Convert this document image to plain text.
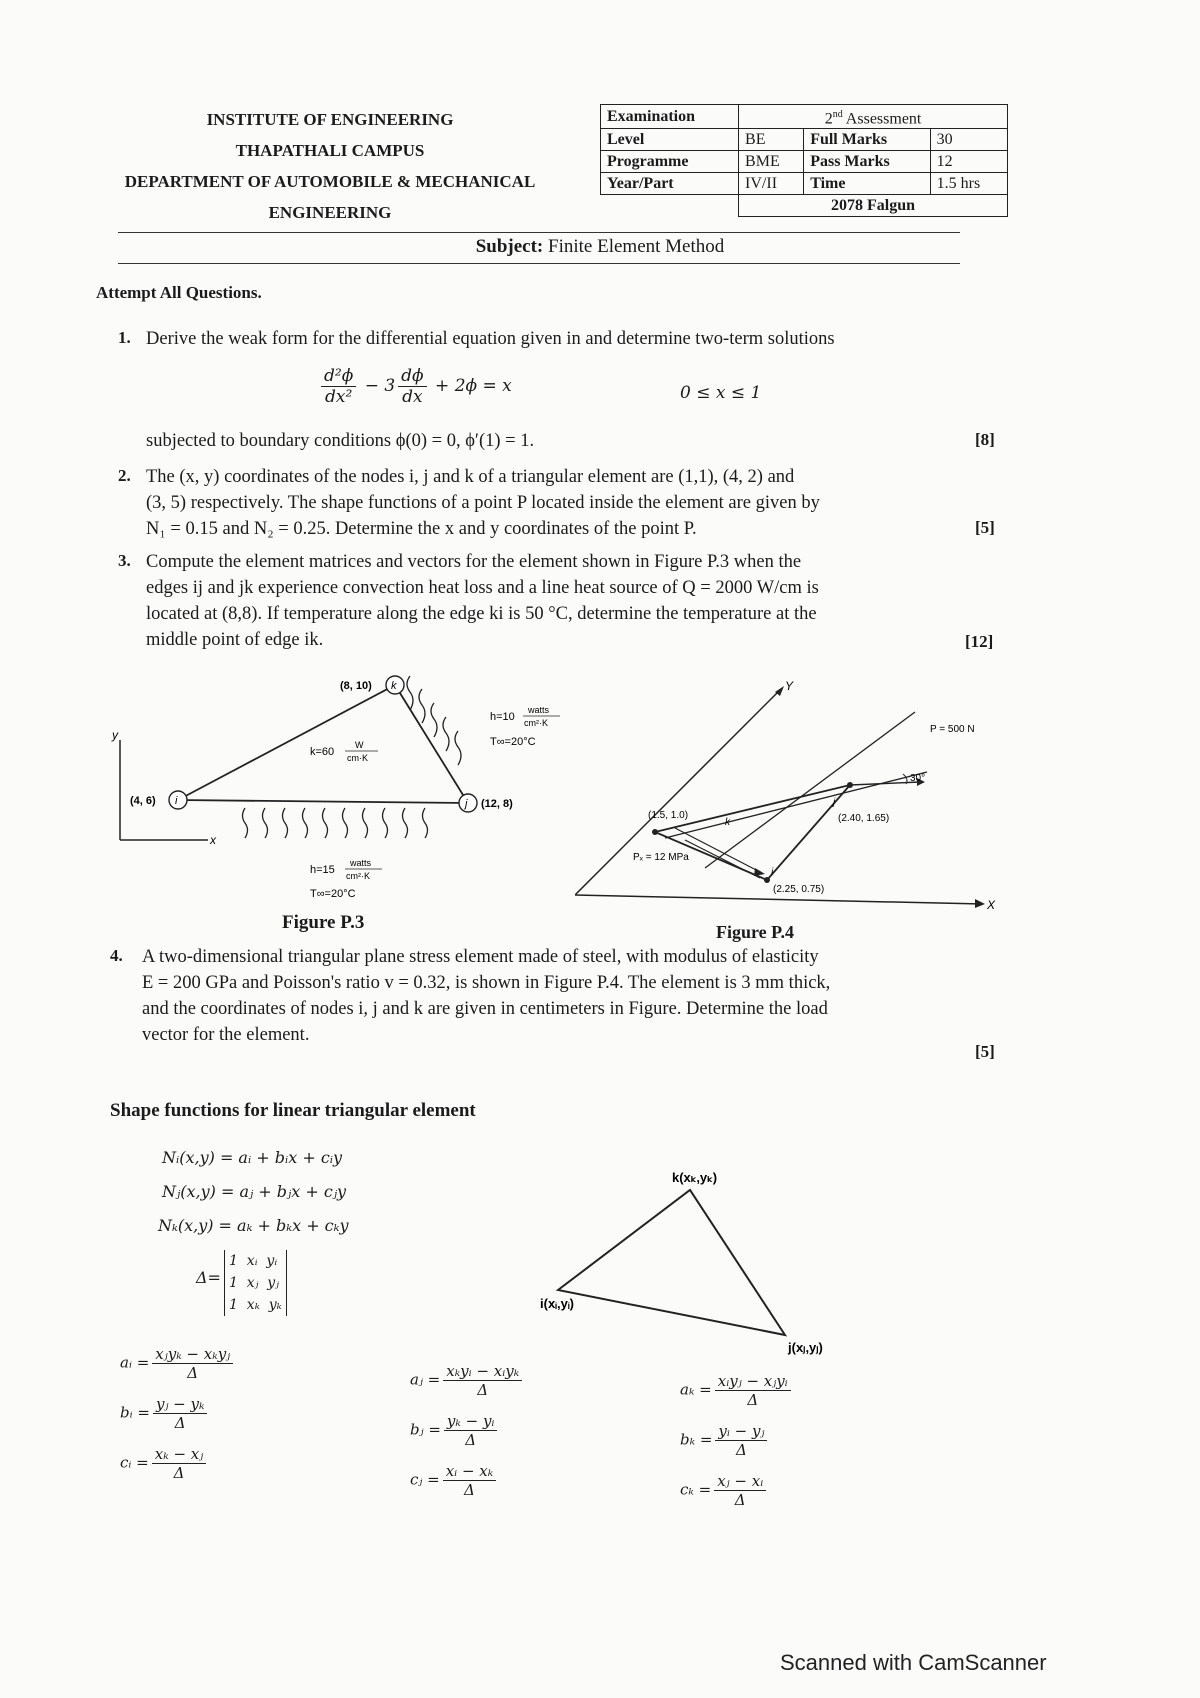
INSTITUTE OF ENGINEERING
THAPATHALI CAMPUS
DEPARTMENT OF AUTOMOBILE & MECHANICAL
ENGINEERING
Examination	2nd Assessment		
Level	BE	Full Marks	30
Programme	BME	Pass Marks	12
Year/Part	IV/II	Time	1.5 hrs
	2078 Falgun		
Subject: Finite Element Method
Attempt All Questions.
1. Derive the weak form for the differential equation given in and determine two-term solutions
$\frac{\text{d²ϕ}}{\text{dx²}} - 3 \frac{d\phi}{dx} + 2\phi = x$	0 ≤ x ≤ 1
subjected to boundary conditions ϕ(0) = 0, ϕ′(1) = 1.	[8]
2. The (x, y) coordinates of the nodes i, j and k of a triangular element are (1,1), (4, 2) and
(3, 5) respectively. The shape functions of a point P located inside the element are given by
N₁ = 0.15 and N₂ = 0.25. Determine the x and y coordinates of the point P.	[5]
3. Compute the element matrices and vectors for the element shown in Figure P.3 when the
edges ij and jk experience convection heat loss and a line heat source of Q = 2000 W/cm is
located at (8,8). If temperature along the edge ki is 50 °C, determine the temperature at the
middle point of edge ik.	[12]
y
x
k
i	j
(8, 10)
(4, 6)	(12, 8)
k=60
W
cm·K
h=10
watts
cm²·K
T∞=20°C
h=15
watts
cm²·K
T∞=20°C
Figure P.3
X
Y
k
j
i
30°
(1.5, 1.0)	(2.40, 1.65)
(2.25, 0.75)
P = 500 N
Pₓ = 12 MPa
Figure P.4
4. A two-dimensional triangular plane stress element made of steel, with modulus of elasticity
E = 200 GPa and Poisson's ratio v = 0.32, is shown in Figure P.4. The element is 3 mm thick,
and the coordinates of nodes i, j and k are given in centimeters in Figure. Determine the load
vector for the element.
[5]
Shape functions for linear triangular element
Nᵢ(x,y) = aᵢ + bᵢx + cᵢy
Nⱼ(x,y) = aⱼ + bⱼx + cⱼy
Nₖ(x,y) = aₖ + bₖx + cₖy
Δ=
1  xᵢ  yᵢ
1  xⱼ  yⱼ
1  xₖ  yₖ
k(xₖ,yₖ)
i(xᵢ,yᵢ)
j(xⱼ,yⱼ)
aᵢ = $\frac{\text{xⱼyₖ − xₖyⱼ}}{\Delta}$
bᵢ = $\frac{\text{yⱼ − yₖ}}{\Delta}$
cᵢ = $\frac{\text{xₖ − xⱼ}}{\Delta}$
aⱼ = $\frac{\text{xₖyᵢ − xᵢyₖ}}{\Delta}$
bⱼ = $\frac{\text{yₖ − yᵢ}}{\Delta}$
cⱼ = $\frac{\text{xᵢ − xₖ}}{\Delta}$
$a_k = \frac{\text{xᵢyⱼ − xⱼyᵢ}}{\Delta}$
$b_k = \frac{\text{yᵢ − yⱼ}}{\Delta}$
$c_k = \frac{\text{xⱼ − xᵢ}}{\Delta}$
Scanned with CamScanner
